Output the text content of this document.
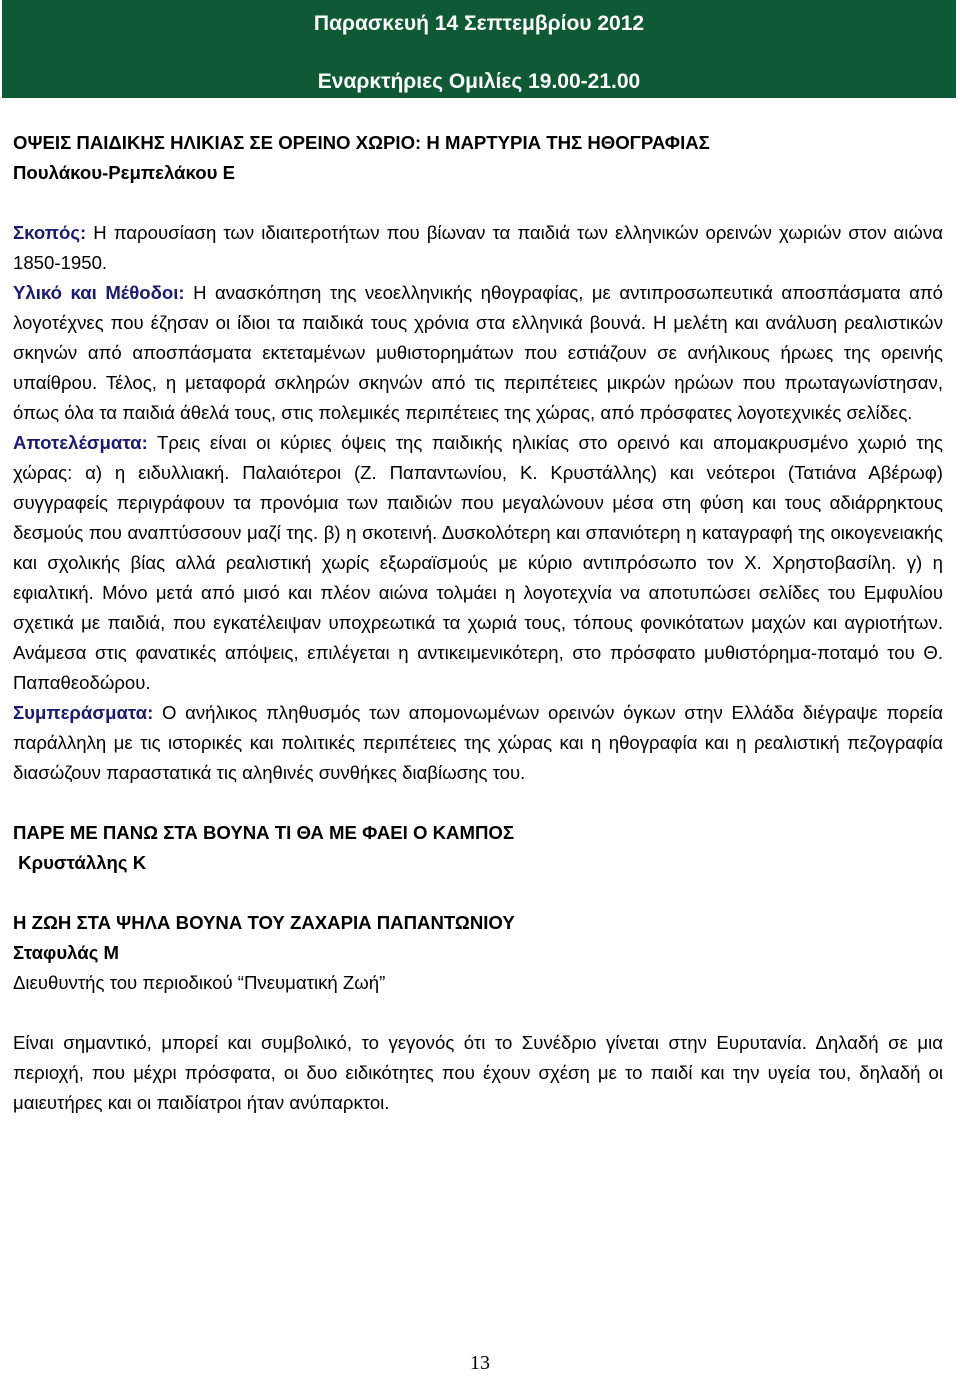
Παρασκευή 14 Σεπτεμβρίου 2012
Εναρκτήριες Ομιλίες 19.00-21.00

ΟΨΕΙΣ ΠΑΙΔΙΚΗΣ ΗΛΙΚΙΑΣ ΣΕ ΟΡΕΙΝΟ ΧΩΡΙΟ: Η ΜΑΡΤΥΡΙΑ ΤΗΣ ΗΘΟΓΡΑΦΙΑΣ

Πουλάκου-Ρεμπελάκου Ε

Σκοπός: Η παρουσίαση των ιδιαιτεροτήτων που βίωναν τα παιδιά των ελληνικών ορεινών χωριών στον αιώνα 1850-1950.

Υλικό και Μέθοδοι: Η ανασκόπηση της νεοελληνικής ηθογραφίας, με αντιπροσωπευτικά αποσπάσματα από λογοτέχνες που έζησαν οι ίδιοι τα παιδικά τους χρόνια στα ελληνικά βουνά. Η μελέτη και ανάλυση ρεαλιστικών σκηνών από αποσπάσματα εκτεταμένων μυθιστορημάτων που εστιάζουν σε ανήλικους ήρωες της ορεινής υπαίθρου. Τέλος, η μεταφορά σκληρών σκηνών από τις περιπέτειες μικρών ηρώων που πρωταγωνίστησαν, όπως όλα τα παιδιά άθελά τους, στις πολεμικές περιπέτειες της χώρας, από πρόσφατες λογοτεχνικές σελίδες.

Αποτελέσματα: Τρεις είναι οι κύριες όψεις της παιδικής ηλικίας στο ορεινό και απομακρυσμένο χωριό της χώρας: α) η ειδυλλιακή. Παλαιότεροι (Ζ. Παπαντωνίου, Κ. Κρυστάλλης) και νεότεροι (Τατιάνα Αβέρωφ) συγγραφείς περιγράφουν τα προνόμια των παιδιών που μεγαλώνουν μέσα στη φύση και τους αδιάρρηκτους δεσμούς που αναπτύσσουν μαζί της. β) η σκοτεινή. Δυσκολότερη και σπανιότερη η καταγραφή της οικογενειακής και σχολικής βίας αλλά ρεαλιστική χωρίς εξωραϊσμούς με κύριο αντιπρόσωπο τον Χ. Χρηστοβασίλη. γ) η εφιαλτική. Μόνο μετά από μισό και πλέον αιώνα τολμάει η λογοτεχνία να αποτυπώσει σελίδες του Εμφυλίου σχετικά με παιδιά, που εγκατέλειψαν υποχρεωτικά τα χωριά τους, τόπους φονικότατων μαχών και αγριοτήτων. Ανάμεσα στις φανατικές απόψεις, επιλέγεται η αντικειμενικότερη, στο πρόσφατο μυθιστόρημα-ποταμό του Θ. Παπαθεοδώρου.

Συμπεράσματα: Ο ανήλικος πληθυσμός των απομονωμένων ορεινών όγκων στην Ελλάδα διέγραψε πορεία παράλληλη με τις ιστορικές και πολιτικές περιπέτειες της χώρας και η ηθογραφία και η ρεαλιστική πεζογραφία διασώζουν παραστατικά τις αληθινές συνθήκες διαβίωσης του.

ΠΑΡΕ ΜΕ ΠΑΝΩ ΣΤΑ ΒΟΥΝΑ ΤΙ ΘΑ ΜΕ ΦΑΕΙ Ο ΚΑΜΠΟΣ

Κρυστάλλης Κ

Η ΖΩΗ ΣΤΑ ΨΗΛΑ ΒΟΥΝΑ ΤΟΥ ΖΑΧΑΡΙΑ ΠΑΠΑΝΤΩΝΙΟΥ

Σταφυλάς Μ

Διευθυντής του περιοδικού “Πνευματική Ζωή”

Είναι σημαντικό, μπορεί και συμβολικό, το γεγονός ότι το Συνέδριο γίνεται στην Ευρυτανία. Δηλαδή σε μια περιοχή, που μέχρι πρόσφατα, οι δυο ειδικότητες που έχουν σχέση με το παιδί και την υγεία του, δηλαδή οι μαιευτήρες και οι παιδίατροι ήταν ανύπαρκτοι.

13
